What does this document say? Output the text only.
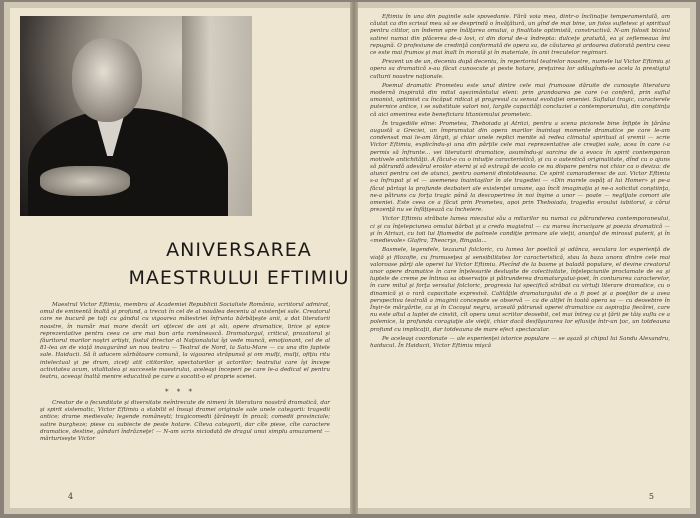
ANIVERSAREA
MAESTRULUI EFTIMIU

Maestrul Victor Eftimiu, membru al Academiei Republicii Socialiste România, scriitorul admirat, omul de eminentă înaltă şi profund, a trecut în cel de al nouălea deceniu al existenţei sale. Creatorul care ne bucură pe toţi cu gândul cu vigoarea măiestriei înfrunta bărbăţeşte anii, a dat literaturii noastre, în număr mai mare decât ori oţtecei de ani şi săi, opere dramatice, lirice şi epice reprezentative pentru ceea ce are mai bun arta românească. Dramaturgul, criticul, prozatorul şi făuritorul marilor noştri artişti, fostul director al Naţionalului îşi vede muncă, emoţionant, cel de al 81-lea an de viaţă inaugurând un nou teatru — Teatrul de Nord, la Satu-Mare — ca una din faptele sale. Haiducii. Să îi aducem sărbătoare comună, la vigoarea străpunsă şi om mulţi, mulţi, ofiţiu ritu intelectual şi pe drum, ziceţi atit cititorilor, spectatorilor şi actorilor; teatrului care îşi începe activitatea acum, vitalitatea şi succesele maestrului, aceleaşi începeri pe care le-a dedicat el pentru teatru, aceeaşi înaltă menire educativă pe care a socotit-o el proprie scenei.

* * *

Creator de o fecunditate şi diversitate neîntrecute de nimeni în literatura noastră dramatică, dar şi spirit sistematic, Victor Eftimiu a stabilit el însuşi dramei originale sale unele categorii: tragedii antice; drame medievale; legende româneşti; tragicomedii ţărăneşti în proză; comedii provinciale; satire burgheze; piese cu subiecte de peste hotare. Cîteva categorii, dar cîte piese, cîte caractere dramatice, destine, gânduri îndrăzneţe! — N-am scris niciodată de dragul unui simplu amuzament — mărturiseşte Victor

4

Eftimiu în una din paginile sale spovedanie. Fără voia mea, dintr-o înclinaţie temperamentală, am căutat ca din scrisul meu să se desprindă o învăţătură, un gînd de mai bine, un folos sufletesc şi spiritual pentru cititor, un îndemn spre înălţarea omului, o finalitate optimistă, constructivă. N-am folosit bicisul satirei numai din plăcerea de-a lovi, ci din dorul de-a îndrepta: dulceţe gratuită, ea şi zeflemeaua îmi repugnă. O profesiune de credinţă conformată de opera sa, de căutarea şi ardoarea datorată pentru ceea ce este mai frumos şi mai înalt în morală şi în materiale, în anii trecutelor regimuri.

Prezent un de un, deceniu după deceniu, în repertoriul teatrelor noastre, numele lui Victor Eftimiu şi opera sa dramatică s-au făcut cunoscute şi peste hotare, preţuirea lor adăugîndu-se acela la prestigiul culturii noastre naţionale.

Poemul dramatic Prometeu este unul dintre cele mai frumoase dăruite de cunoaşte literatura modernă inspirată din mitul aşezimântului eleni: prin grandoarea pe care i-o conferă, prin suflul umanist, optimist cu încăput ridicat şi progresul cu sensul evoluţiei omeniei. Suflului tragic, caracterele puternice antice, i se substituie valori noi, largile capacităţi concluziei a contemporanului, din conştiinţa că aici omenirea este beneficiara titanismului prometeic.

În tragediile eline: Prometeu, Theboiada şi Atriizi, pentru a scena piciorele bine înfipte în ţărâna augustă a Greciei, un împrumutat din opera marilor înaintaşi momente dramatice pe care le-am condensat mai le-am lărgit, şi chiar unele replici menite să redea climatul spiritual al vremii — scrie Victor Eftimiu, explicîndu-şi una din părţile cele mai reprezentative ale creaţiei sale, acea în care i-a permis să înfrunte... vei literaturii dramatice, asumîndu-şi sarcina de a evoca în spirit contemporan motivele antichităţii. A făcut-o cu o intuiţie caracteristică, şi cu o autentică originalitate, dînd cu o ajuns să pătrundă adevărul eroilor eterni şi să extragă de acolo ce nu dispare pentru noi chiar ca o deviza: de atunci pentru cei de atunci, pentru oamenii dintotdeauna. Ce spirit camaraderesc de azi. Victor Eftimiu s-a înfrupat şi el — asemenea înaintaşilor în ale tragediei — «Din marele ospăţ al lui Homer» şi pe-a făcut părtaşi la profunde dezbateri ale existenţei umane, aşa încît imaginaţia şi ne-a solicitat conştiinţa, ne-a pătruns cu forţa tragic până la descoperirea în noi înşine a unor — poate — neglijate comori ale omeniei. Este ceea ce a făcut prin Prometeu, apoi prin Theboiada, tragedia eroului iubitorul, a cărui prezenţă nu se înfăţişează cu încheiere.

Victor Eftimiu străbate lumea miezului său a miturilor nu numai ca pătrunderea contemporaneului, ci şi cu înţelepciunea omului bărbat şi a creda magistral — cu marea încrucişare şi poezia dramatică — şi în Atriuzi, cu toii lui Ifiamedoi de palmele condiţie primare ale vieţii, anunţul de mirosul puterii, şi în «medievale» Glafira, Theocrys, Ringala...

Basmele, legendele, tezaurul folcloric, cu lumea lor poetică şi adânca, seculara lor experienţă de viaţă şi filozofie, cu frumuseţea şi sensibilitatea lor caracteristică, stau la baza unora dintre cele mai valoroase părţi ale operei lui Victor Eftimiu. Plecînd de la basme şi baladă populare, el devine creatorul unor opere dramatice în care înţelesurile desluşite de colectivitate, înţelepciunile proclamate de ea şi luptele de creme pe întinsa sa observaţie şi pătrunderea dramaturgului-poet, în contururea caracterelor, în care mitul şi forţa versului folcloric, progresia lui specifică străbat cu virtuţi literare dramatice, cu o dinamică şi o rară capacitate expresivă. Calităţile dramaturgului de a fi poet şi a poeţilor de a avea perspectiva teatrală a imaginii concepute se observă — ca de altfel în toată opera sa — cu deosebire în Înşir-te mărgărite, ca şi în Cocoşul negru, urzeală pătrunsă operei dramatice ca aspiraţia fiecărei, care nu este altul a luptei de cinstit, cît opera unui scriitor deosebit, cel mai întreg ca şi ţării pe tăiş suflu ce a polemice, la profunda coragiaţie ale vieţii, chiar dacă desfăşurarea lor efluxiţe într-un ţoc, un totdeauna profund cu implicaţii, dar totdeauna de mare efect spectacular.

Pe aceleaşi coordonate — ale experienţei istorice populare — se aşază şi chipul lui Sandu Alexandru, haiducul. În Haiducii, Victor Eftimiu mişcă

5
